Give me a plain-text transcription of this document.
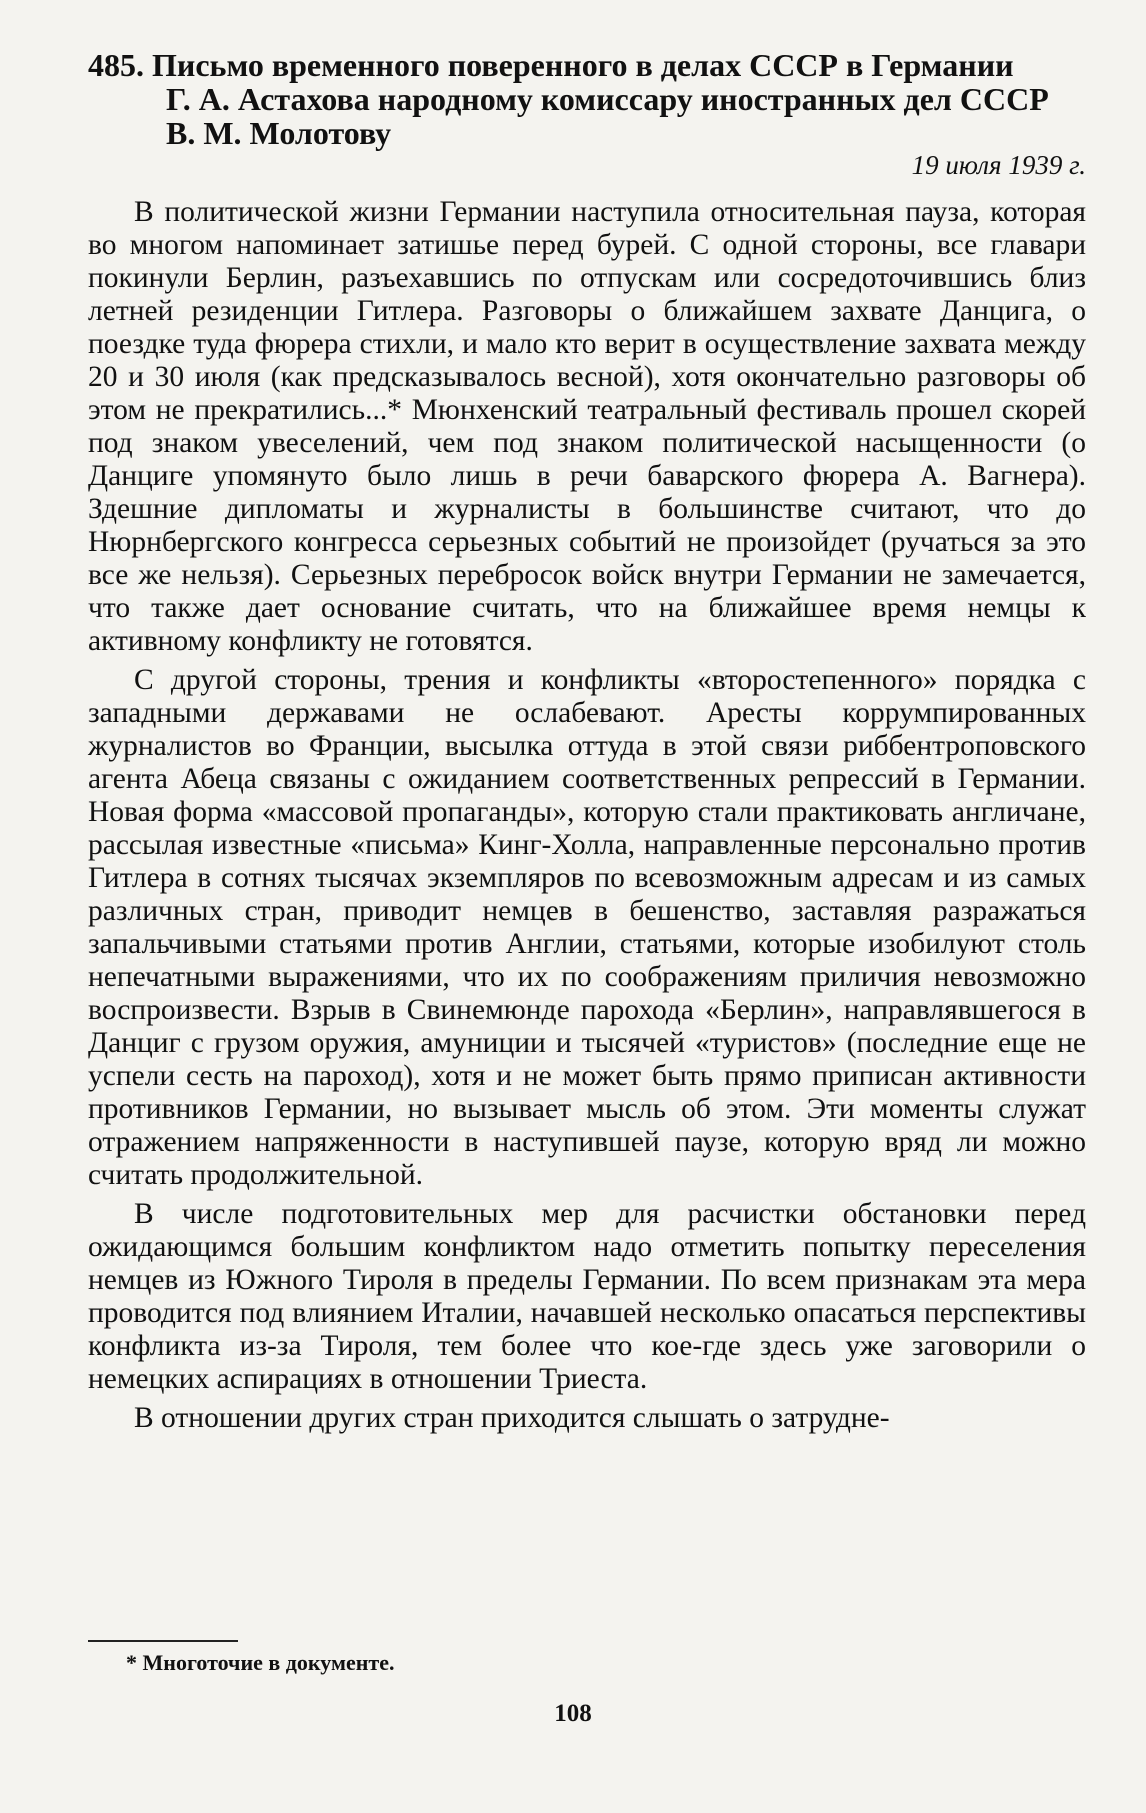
485. Письмо временного поверенного в делах СССР в Германии
Г. А. Астахова народному комиссару иностранных дел СССР
В. М. Молотову
19 июля 1939 г.

В политической жизни Германии наступила относительная пауза, которая во многом напоминает затишье перед бурей. С одной стороны, все главари покинули Берлин, разъехавшись по отпускам или сосредоточившись близ летней резиденции Гитлера. Разговоры о ближайшем захвате Данцига, о поездке туда фюрера стихли, и мало кто верит в осуществление захвата между 20 и 30 июля (как предсказывалось весной), хотя окончательно разговоры об этом не прекратились...* Мюнхенский театральный фестиваль прошел скорей под знаком увеселений, чем под знаком политической насыщенности (о Данциге упомянуто было лишь в речи баварского фюрера А. Вагнера). Здешние дипломаты и журналисты в большинстве считают, что до Нюрнбергского конгресса серьезных событий не произойдет (ручаться за это все же нельзя). Серьезных перебросок войск внутри Германии не замечается, что также дает основание считать, что на ближайшее время немцы к активному конфликту не готовятся.

С другой стороны, трения и конфликты «второстепенного» порядка с западными державами не ослабевают. Аресты коррумпированных журналистов во Франции, высылка оттуда в этой связи риббентроповского агента Абеца связаны с ожиданием соответственных репрессий в Германии. Новая форма «массовой пропаганды», которую стали практиковать англичане, рассылая известные «письма» Кинг-Холла, направленные персонально против Гитлера в сотнях тысячах экземпляров по всевозможным адресам и из самых различных стран, приводит немцев в бешенство, заставляя разражаться запальчивыми статьями против Англии, статьями, которые изобилуют столь непечатными выражениями, что их по соображениям приличия невозможно воспроизвести. Взрыв в Свинемюнде парохода «Берлин», направлявшегося в Данциг с грузом оружия, амуниции и тысячей «туристов» (последние еще не успели сесть на пароход), хотя и не может быть прямо приписан активности противников Германии, но вызывает мысль об этом. Эти моменты служат отражением напряженности в наступившей паузе, которую вряд ли можно считать продолжительной.

В числе подготовительных мер для расчистки обстановки перед ожидающимся большим конфликтом надо отметить попытку переселения немцев из Южного Тироля в пределы Германии. По всем признакам эта мера проводится под влиянием Италии, начавшей несколько опасаться перспективы конфликта из-за Тироля, тем более что кое-где здесь уже заговорили о немецких аспирациях в отношении Триеста.

В отношении других стран приходится слышать о затрудне-

* Многоточие в документе.
108
